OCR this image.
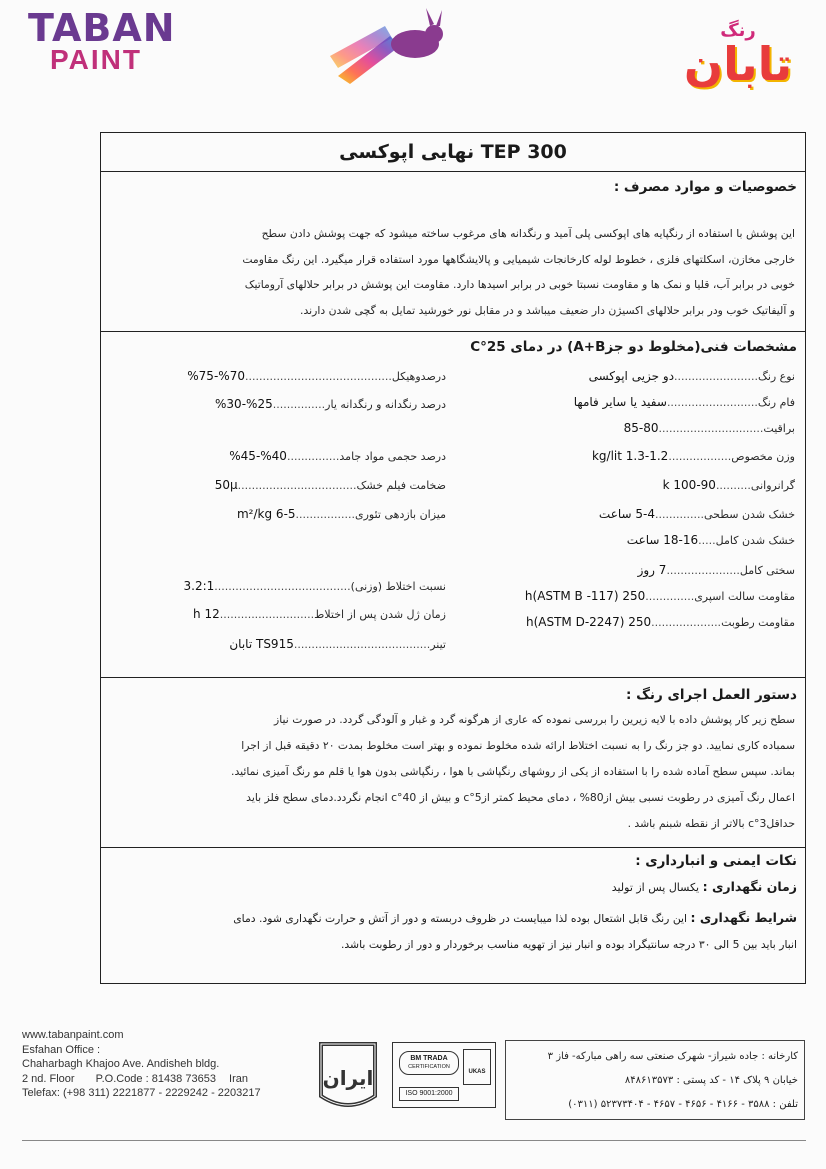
TABAN
PAINT
رنگ
تابان
نهایی اپوکسی TEP 300
خصوصیات و موارد مصرف :
این پوشش با استفاده از رنگپایه های اپوکسی پلی آمید و رنگدانه های مرغوب ساخته میشود که جهت پوشش دادن سطح
خارجی مخازن، اسکلتهای فلزی ، خطوط لوله کارخانجات شیمیایی و پالایشگاهها مورد استفاده قرار میگیرد. این رنگ مقاومت
خوبی در برابر آب، قلیا و نمک ها و مقاومت نسبتا خوبی در برابر اسیدها دارد. مقاومت این پوشش در برابر حلالهای آروماتیک
و آلیفاتیک خوب ودر برابر حلالهای اکسیژن دار ضعیف میباشد و در مقابل نور خورشید تمایل به گچی شدن دارند.
مشخصات فنی(مخلوط دو جزA+B) در دمای 25°C
نوع رنگ........................دو جزیی اپوکسی
فام رنگ..........................سفید یا سایر فامها
براقیت..............................80-85
وزن مخصوص..................1.2-1.3 kg/lit
گرانروانی..........90-100 k
خشک شدن سطحی..............4-5 ساعت
خشک شدن کامل.....16-18 ساعت
سختی کامل.....................7 روز
مقاومت سالت اسپری..............250 h(ASTM B -117)
مقاومت رطوبت....................250 h(ASTM D-2247)
درصدوهیکل..........................................70%-75%
درصد رنگدانه و رنگدانه یار...............25%-30%
درصد حجمی مواد جامد...............40%-45%
ضخامت فیلم خشک..................................50µ
میزان بازدهی تئوری.................5-6 m²/kg
نسبت اختلاط (وزنی).......................................3.2:1
زمان ژل شدن پس از اختلاط...........................12 h
تینر.......................................TS915 تابان
دستور العمل اجرای رنگ :
سطح زیر کار پوشش داده با لایه زیرین را بررسی نموده که عاری از هرگونه گرد و غبار و آلودگی گردد. در صورت نیاز
سمباده کاری نمایید. دو جز رنگ را به نسبت اختلاط ارائه شده مخلوط نموده و بهتر است مخلوط بمدت ۲۰ دقیقه قبل از اجرا
بماند. سپس سطح آماده شده را با استفاده از یکی از روشهای رنگپاشی با هوا ، رنگپاشی بدون هوا یا قلم مو رنگ آمیزی نمائید.
اعمال رنگ آمیزی در رطوبت نسبی بیش از80% ، دمای محیط کمتر از5°c و بیش از 40°c انجام نگردد.دمای سطح فلز باید
حداقل3°c بالاتر از نقطه شبنم باشد .
نکات ایمنی و انبارداری :
زمان نگهداری : یکسال پس از تولید
شرایط نگهداری : این رنگ قابل اشتعال بوده لذا میبایست در ظروف دربسته و دور از آتش و حرارت نگهداری شود. دمای
انبار باید بین 5 الی ۳۰ درجه سانتیگراد بوده و انبار نیز از تهویه مناسب برخوردار و دور از رطوبت باشد.
www.tabanpaint.com
Esfahan Office :
Chaharbagh Khajoo Ave. Andisheh bldg.
2 nd. Floor P.O.Code : 81438 73653 Iran
Telefax: (+98 311) 2221877 - 2229242 - 2203217
ایران
BM TRADA
CERTIFICATION
UKAS
ISO 9001:2000
کارخانه : جاده شیراز- شهرک صنعتی سه راهی مبارکه- فاز ۳
خیابان ۹ پلاک ۱۴ - کد پستی : ۸۴۸۶۱۳۵۷۳
تلفن : ۳۵۸۸ - ۴۱۶۶ - ۴۶۵۶ - ۴۶۵۷ - ۵۲۳۷۳۴۰۴ (۰۳۱۱)
